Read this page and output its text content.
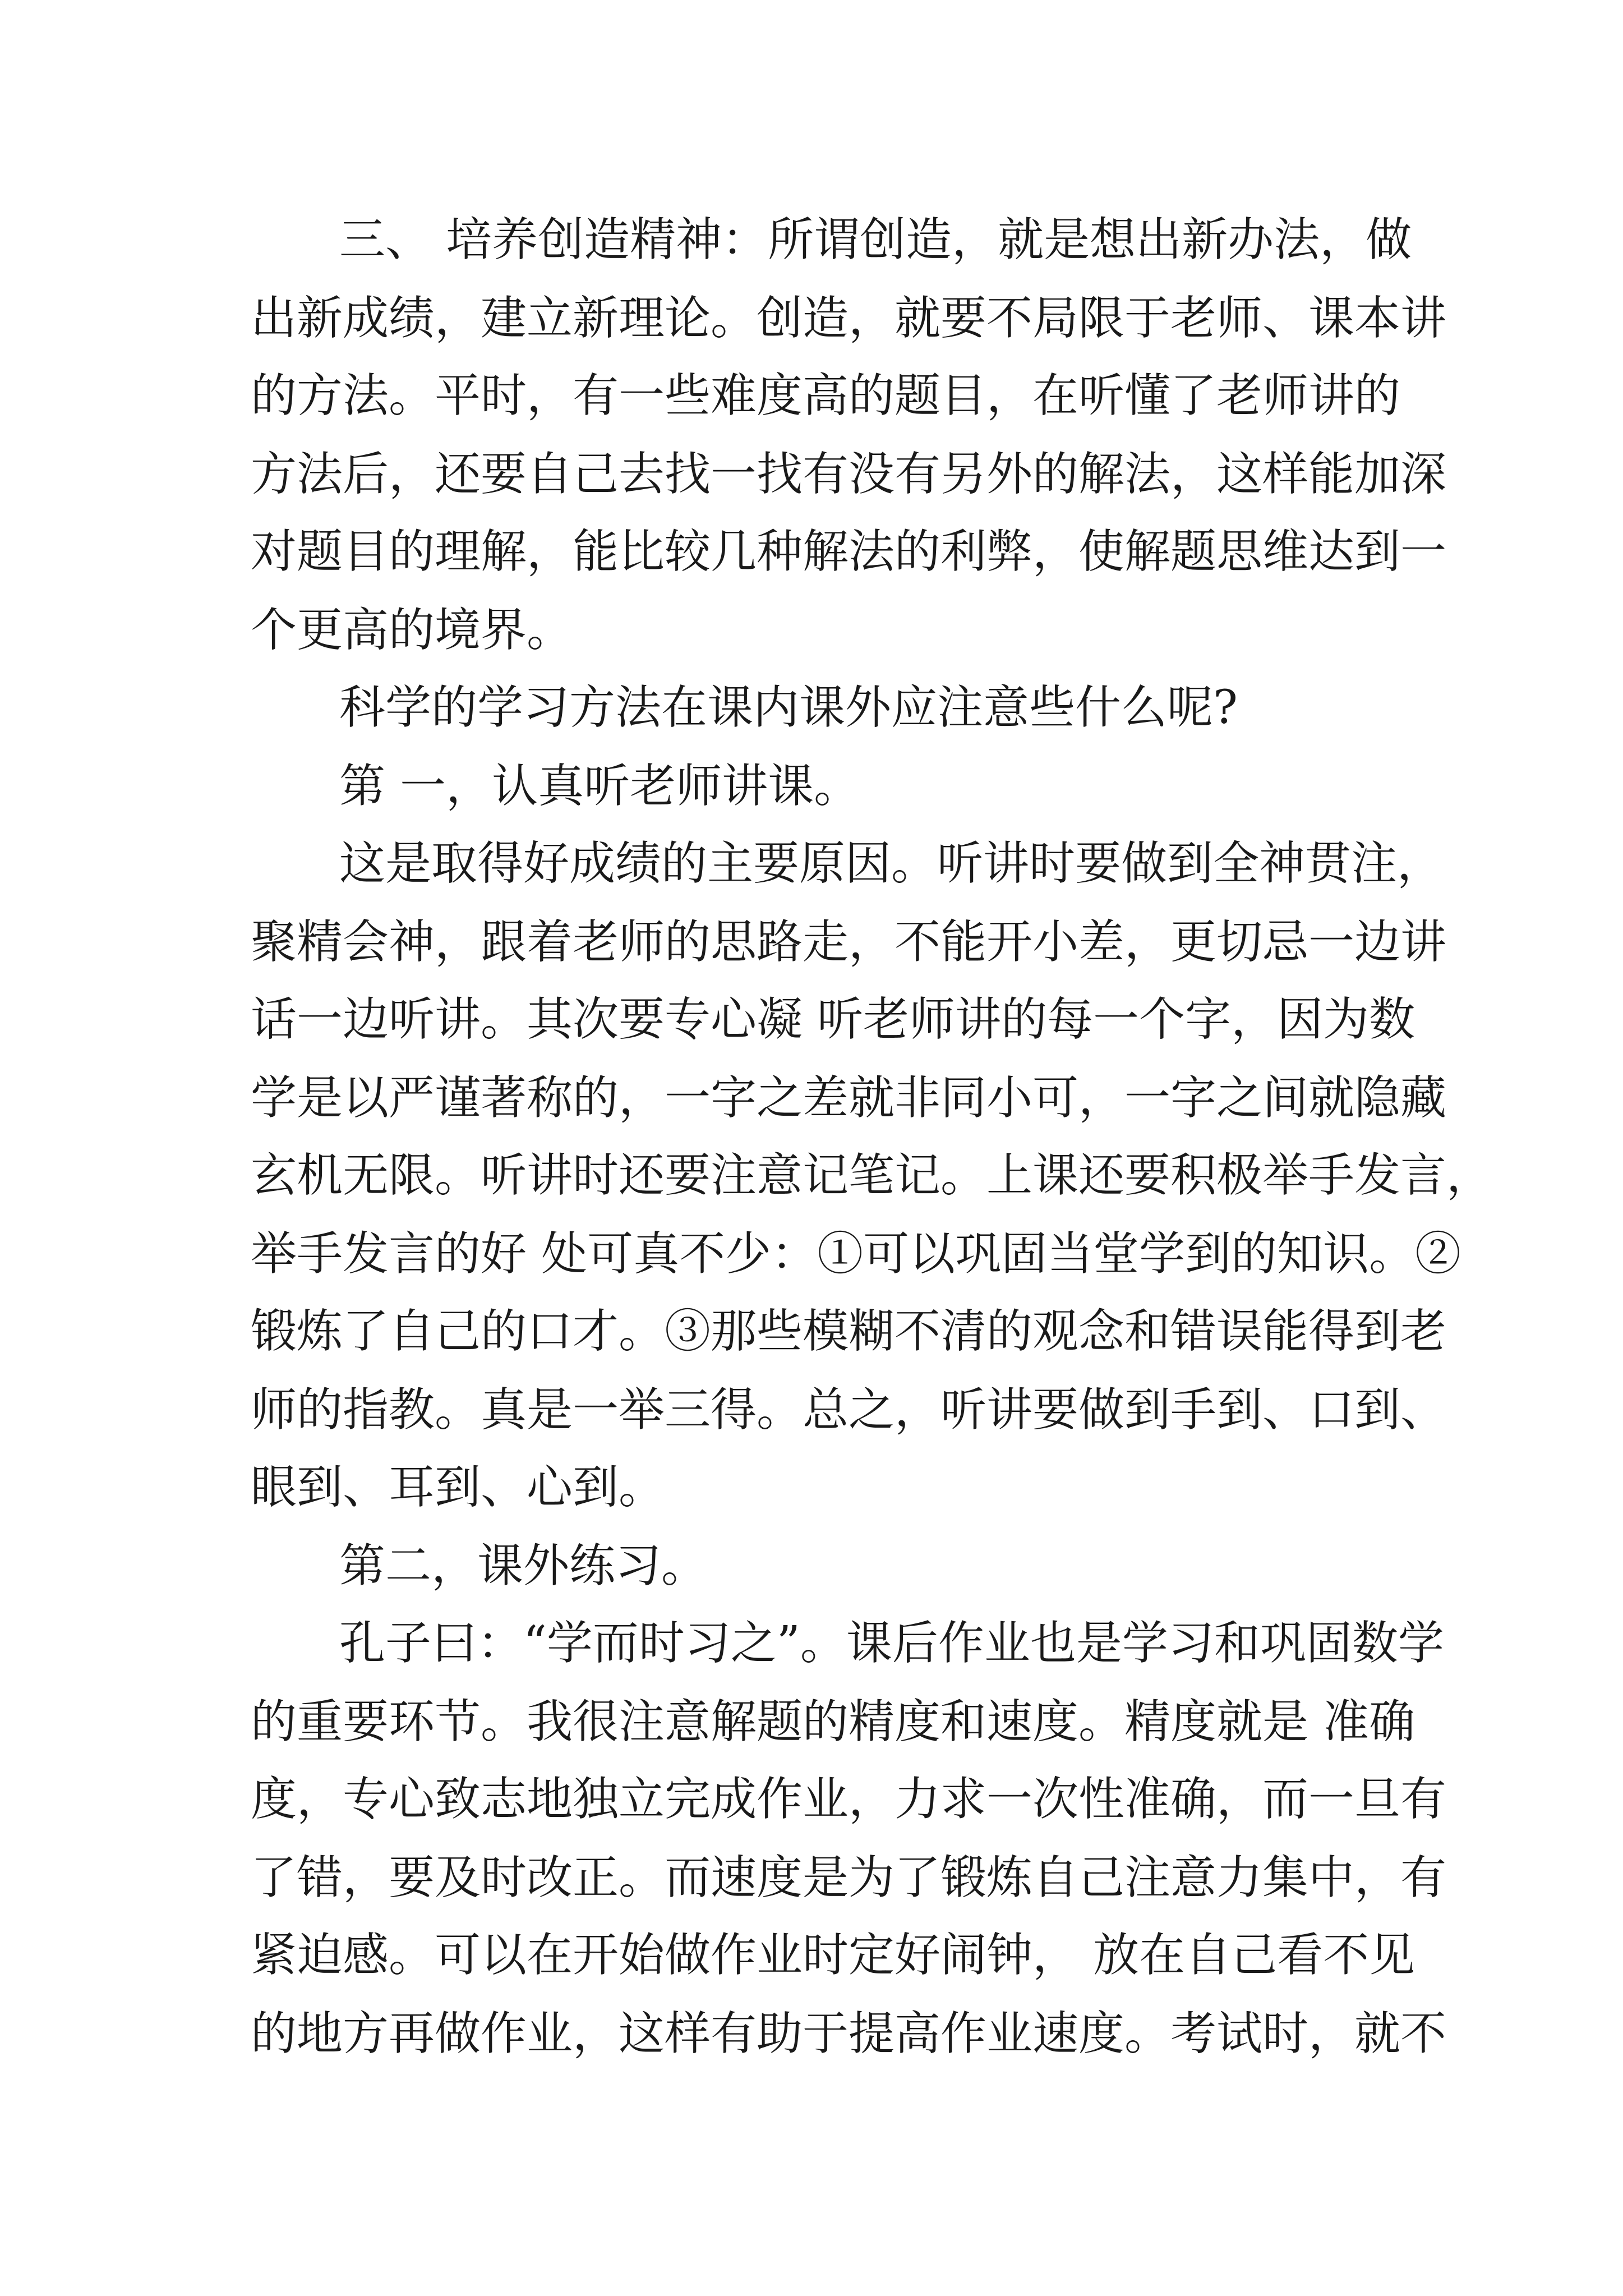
三、 培养创造精神：所谓创造，就是想出新办法，做
出新成绩，建立新理论。创造，就要不局限于老师、课本讲
的方法。平时，有一些难度高的题目，在听懂了老师讲的
方法后，还要自己去找一找有没有另外的解法，这样能加深
对题目的理解，能比较几种解法的利弊，使解题思维达到一
个更高的境界。
科学的学习方法在课内课外应注意些什么呢?
第 一，认真听老师讲课。
这是取得好成绩的主要原因。听讲时要做到全神贯注，
聚精会神，跟着老师的思路走，不能开小差，更切忌一边讲
话一边听讲。其次要专心凝 听老师讲的每一个字，因为数
学是以严谨著称的，一字之差就非同小可，一字之间就隐藏
玄机无限。听讲时还要注意记笔记。上课还要积极举手发言，
举手发言的好 处可真不少：①可以巩固当堂学到的知识。②
锻炼了自己的口才。③那些模糊不清的观念和错误能得到老
师的指教。真是一举三得。总之，听讲要做到手到、口到、
眼到、耳到、心到。
第二，课外练习。
孔子曰：“学而时习之”。课后作业也是学习和巩固数学
的重要环节。我很注意解题的精度和速度。精度就是 准确
度，专心致志地独立完成作业，力求一次性准确，而一旦有
了错，要及时改正。而速度是为了锻炼自己注意力集中，有
紧迫感。可以在开始做作业时定好闹钟， 放在自己看不见
的地方再做作业，这样有助于提高作业速度。考试时，就不
